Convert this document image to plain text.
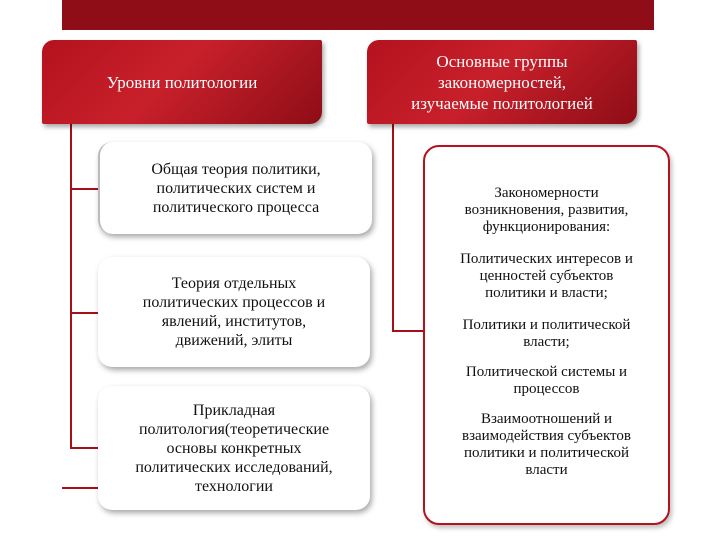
Уровни политологии
Основные группы
закономерностей,
изучаемые политологией
Общая теория политики,
политических систем и
политического процесса
Теория отдельных
политических процессов и
явлений, институтов,
движений, элиты
Прикладная
политология(теоретические
основы конкретных
политических исследований,
технологии
Закономерности
возникновения, развития,
функционирования:
Политических интересов и
ценностей субъектов
политики и власти;
Политики и политической
власти;
Политической системы и
процессов
Взаимоотношений и
взаимодействия субъектов
политики и политической
власти
